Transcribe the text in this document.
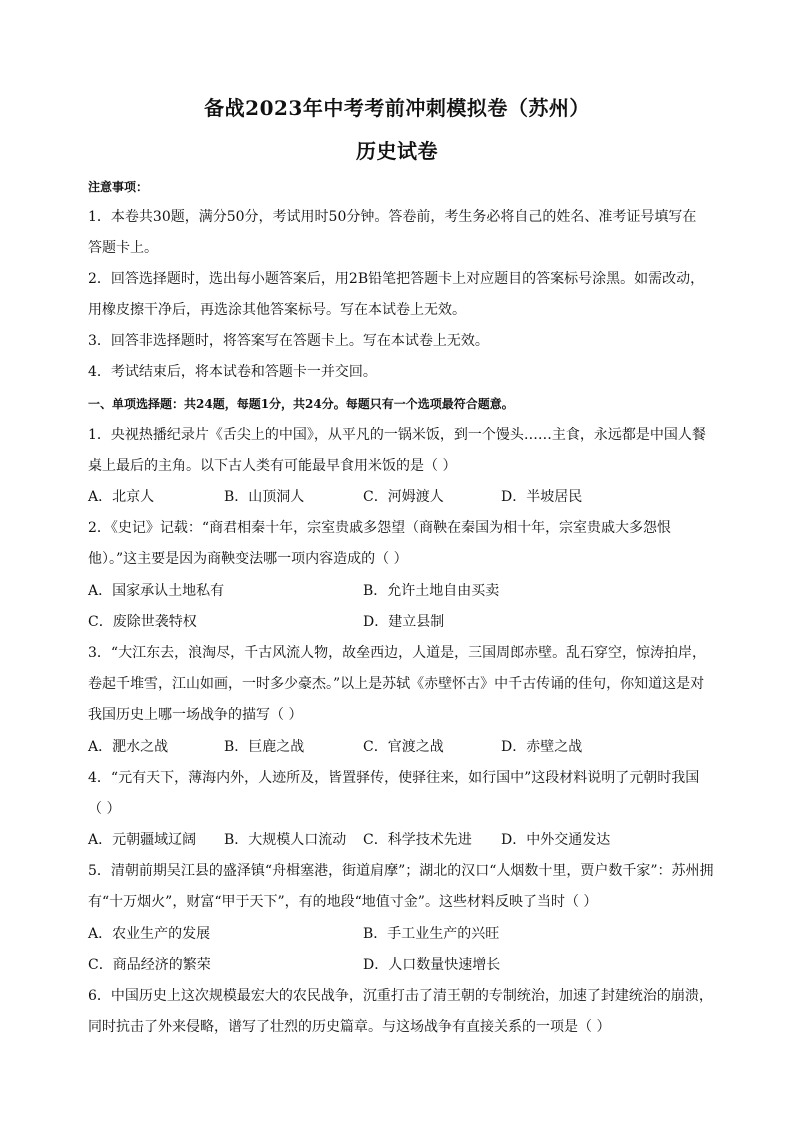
备战2023年中考考前冲刺模拟卷（苏州）
历史试卷
注意事项：
1．本卷共30题，满分50分，考试用时50分钟。答卷前，考生务必将自己的姓名、准考证号填写在
答题卡上。
2．回答选择题时，选出每小题答案后，用2B铅笔把答题卡上对应题目的答案标号涂黑。如需改动，
用橡皮擦干净后，再选涂其他答案标号。写在本试卷上无效。
3．回答非选择题时，将答案写在答题卡上。写在本试卷上无效。
4．考试结束后，将本试卷和答题卡一并交回。
一、单项选择题：共24题，每题1分，共24分。每题只有一个选项最符合题意。
1．央视热播纪录片《舌尖上的中国》，从平凡的一锅米饭，到一个馒头……主食，永远都是中国人餐
桌上最后的主角。以下古人类有可能最早食用米饭的是（ ）
A．北京人	B．山顶洞人	C．河姆渡人	D．半坡居民
2．《史记》记载：“商君相秦十年，宗室贵戚多怨望（商鞅在秦国为相十年，宗室贵戚大多怨恨
他）。”这主要是因为商鞅变法哪一项内容造成的（ ）
A．国家承认土地私有	B．允许土地自由买卖
C．废除世袭特权	D．建立县制
3．“大江东去，浪淘尽，千古风流人物，故垒西边，人道是，三国周郎赤壁。乱石穿空，惊涛拍岸，
卷起千堆雪，江山如画，一时多少豪杰。”以上是苏轼《赤壁怀古》中千古传诵的佳句，你知道这是对
我国历史上哪一场战争的描写（ ）
A．淝水之战	B．巨鹿之战	C．官渡之战	D．赤壁之战
4．“元有天下，薄海内外，人迹所及，皆置驿传，使驿往来，如行国中”这段材料说明了元朝时我国
（ ）
A．元朝疆域辽阔 B．大规模人口流动 C．科学技术先进 D．中外交通发达
5．清朝前期吴江县的盛泽镇“舟楫塞港，街道肩摩”；湖北的汉口“人烟数十里，贾户数千家”：苏州拥
有“十万烟火”，财富“甲于天下”，有的地段“地值寸金”。这些材料反映了当时（ ）
A．农业生产的发展	B．手工业生产的兴旺
C．商品经济的繁荣	D．人口数量快速增长
6．中国历史上这次规模最宏大的农民战争，沉重打击了清王朝的专制统治，加速了封建统治的崩溃，
同时抗击了外来侵略，谱写了壮烈的历史篇章。与这场战争有直接关系的一项是（ ）
